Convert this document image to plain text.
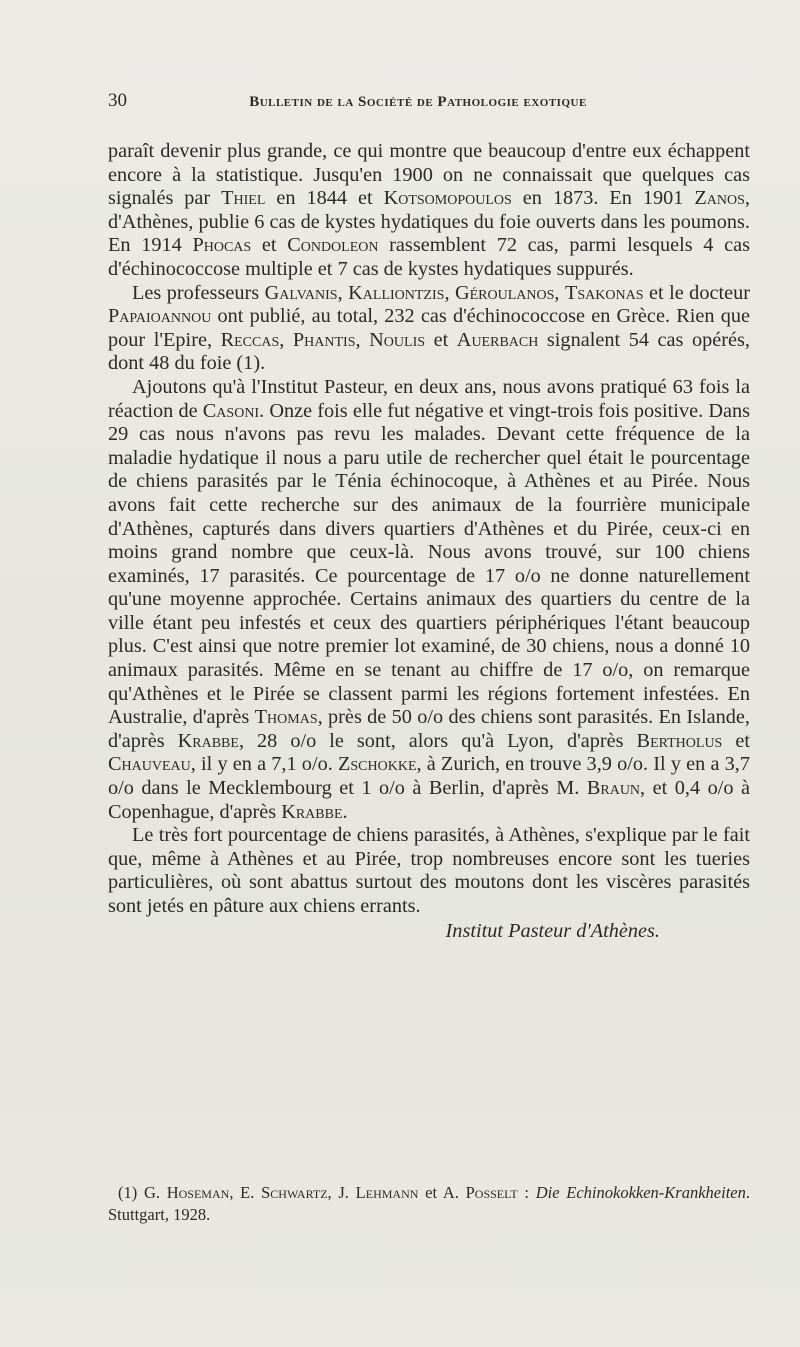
30	Bulletin de la Société de Pathologie exotique

paraît devenir plus grande, ce qui montre que beaucoup d'entre eux échappent encore à la statistique. Jusqu'en 1900 on ne connaissait que quelques cas signalés par Thiel en 1844 et Kotsomopoulos en 1873. En 1901 Zanos, d'Athènes, publie 6 cas de kystes hydatiques du foie ouverts dans les poumons. En 1914 Phocas et Condoleon rassemblent 72 cas, parmi lesquels 4 cas d'échinococcose multiple et 7 cas de kystes hydatiques suppurés.

Les professeurs Galvanis, Kalliontzis, Géroulanos, Tsakonas et le docteur Papaioannou ont publié, au total, 232 cas d'échinococcose en Grèce. Rien que pour l'Epire, Reccas, Phantis, Noulis et Auerbach signalent 54 cas opérés, dont 48 du foie (1).

Ajoutons qu'à l'Institut Pasteur, en deux ans, nous avons pratiqué 63 fois la réaction de Casoni. Onze fois elle fut négative et vingt-trois fois positive. Dans 29 cas nous n'avons pas revu les malades. Devant cette fréquence de la maladie hydatique il nous a paru utile de rechercher quel était le pourcentage de chiens parasités par le Ténia échinocoque, à Athènes et au Pirée. Nous avons fait cette recherche sur des animaux de la fourrière municipale d'Athènes, capturés dans divers quartiers d'Athènes et du Pirée, ceux-ci en moins grand nombre que ceux-là. Nous avons trouvé, sur 100 chiens examinés, 17 parasités. Ce pourcentage de 17 o/o ne donne naturellement qu'une moyenne approchée. Certains animaux des quartiers du centre de la ville étant peu infestés et ceux des quartiers périphériques l'étant beaucoup plus. C'est ainsi que notre premier lot examiné, de 30 chiens, nous a donné 10 animaux parasités. Même en se tenant au chiffre de 17 o/o, on remarque qu'Athènes et le Pirée se classent parmi les régions fortement infestées. En Australie, d'après Thomas, près de 50 o/o des chiens sont parasités. En Islande, d'après Krabbe, 28 o/o le sont, alors qu'à Lyon, d'après Bertholus et Chauveau, il y en a 7,1 o/o. Zschokke, à Zurich, en trouve 3,9 o/o. Il y en a 3,7 o/o dans le Mecklembourg et 1 o/o à Berlin, d'après M. Braun, et 0,4 o/o à Copenhague, d'après Krabbe.

Le très fort pourcentage de chiens parasités, à Athènes, s'explique par le fait que, même à Athènes et au Pirée, trop nombreuses encore sont les tueries particulières, où sont abattus surtout des moutons dont les viscères parasités sont jetés en pâture aux chiens errants.

Institut Pasteur d'Athènes.

(1) G. Hoseman, E. Schwartz, J. Lehmann et A. Posselt : Die Echinokokken-Krankheiten. Stuttgart, 1928.
